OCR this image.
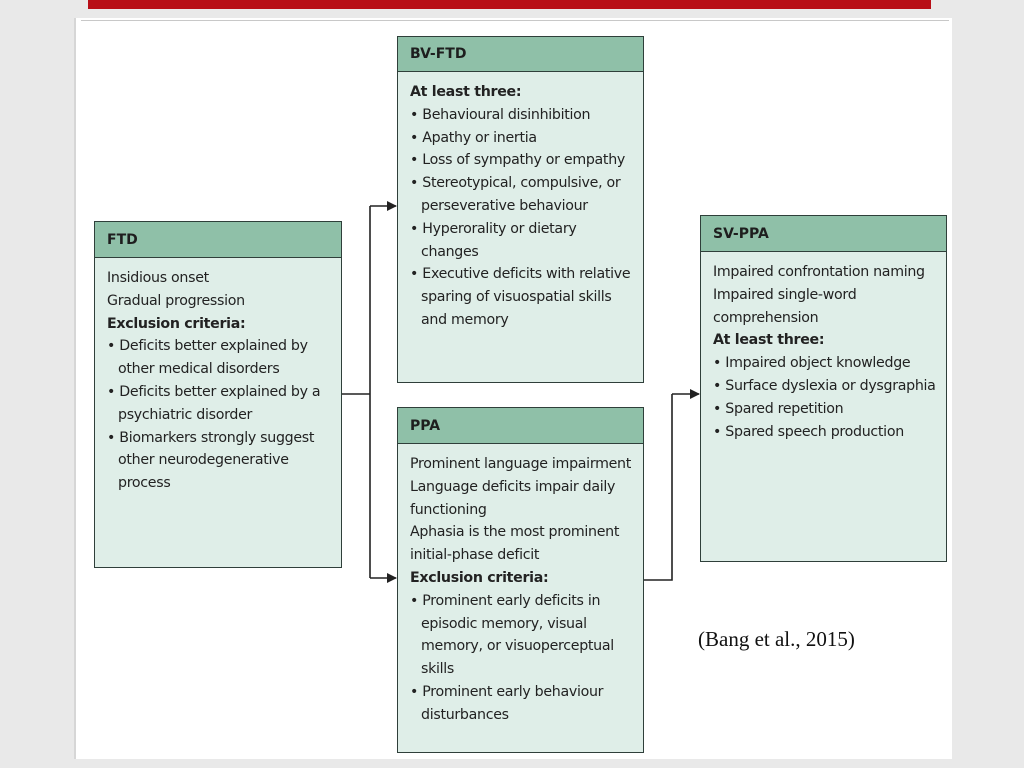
FTD
Insidious onset
Gradual progression
Exclusion criteria:
• Deficits better explained by other medical disorders
• Deficits better explained by a psychiatric disorder
• Biomarkers strongly suggest other neurodegenerative process
BV-FTD
At least three:
• Behavioural disinhibition
• Apathy or inertia
• Loss of sympathy or empathy
• Stereotypical, compulsive, or perseverative behaviour
• Hyperorality or dietary changes
• Executive deficits with relative sparing of visuospatial skills and memory
PPA
Prominent language impairment
Language deficits impair daily functioning
Aphasia is the most prominent initial-phase deficit
Exclusion criteria:
• Prominent early deficits in episodic memory, visual memory, or visuoperceptual skills
• Prominent early behaviour disturbances
SV-PPA
Impaired confrontation naming
Impaired single-word comprehension
At least three:
• Impaired object knowledge
• Surface dyslexia or dysgraphia
• Spared repetition
• Spared speech production
(Bang et al., 2015)
